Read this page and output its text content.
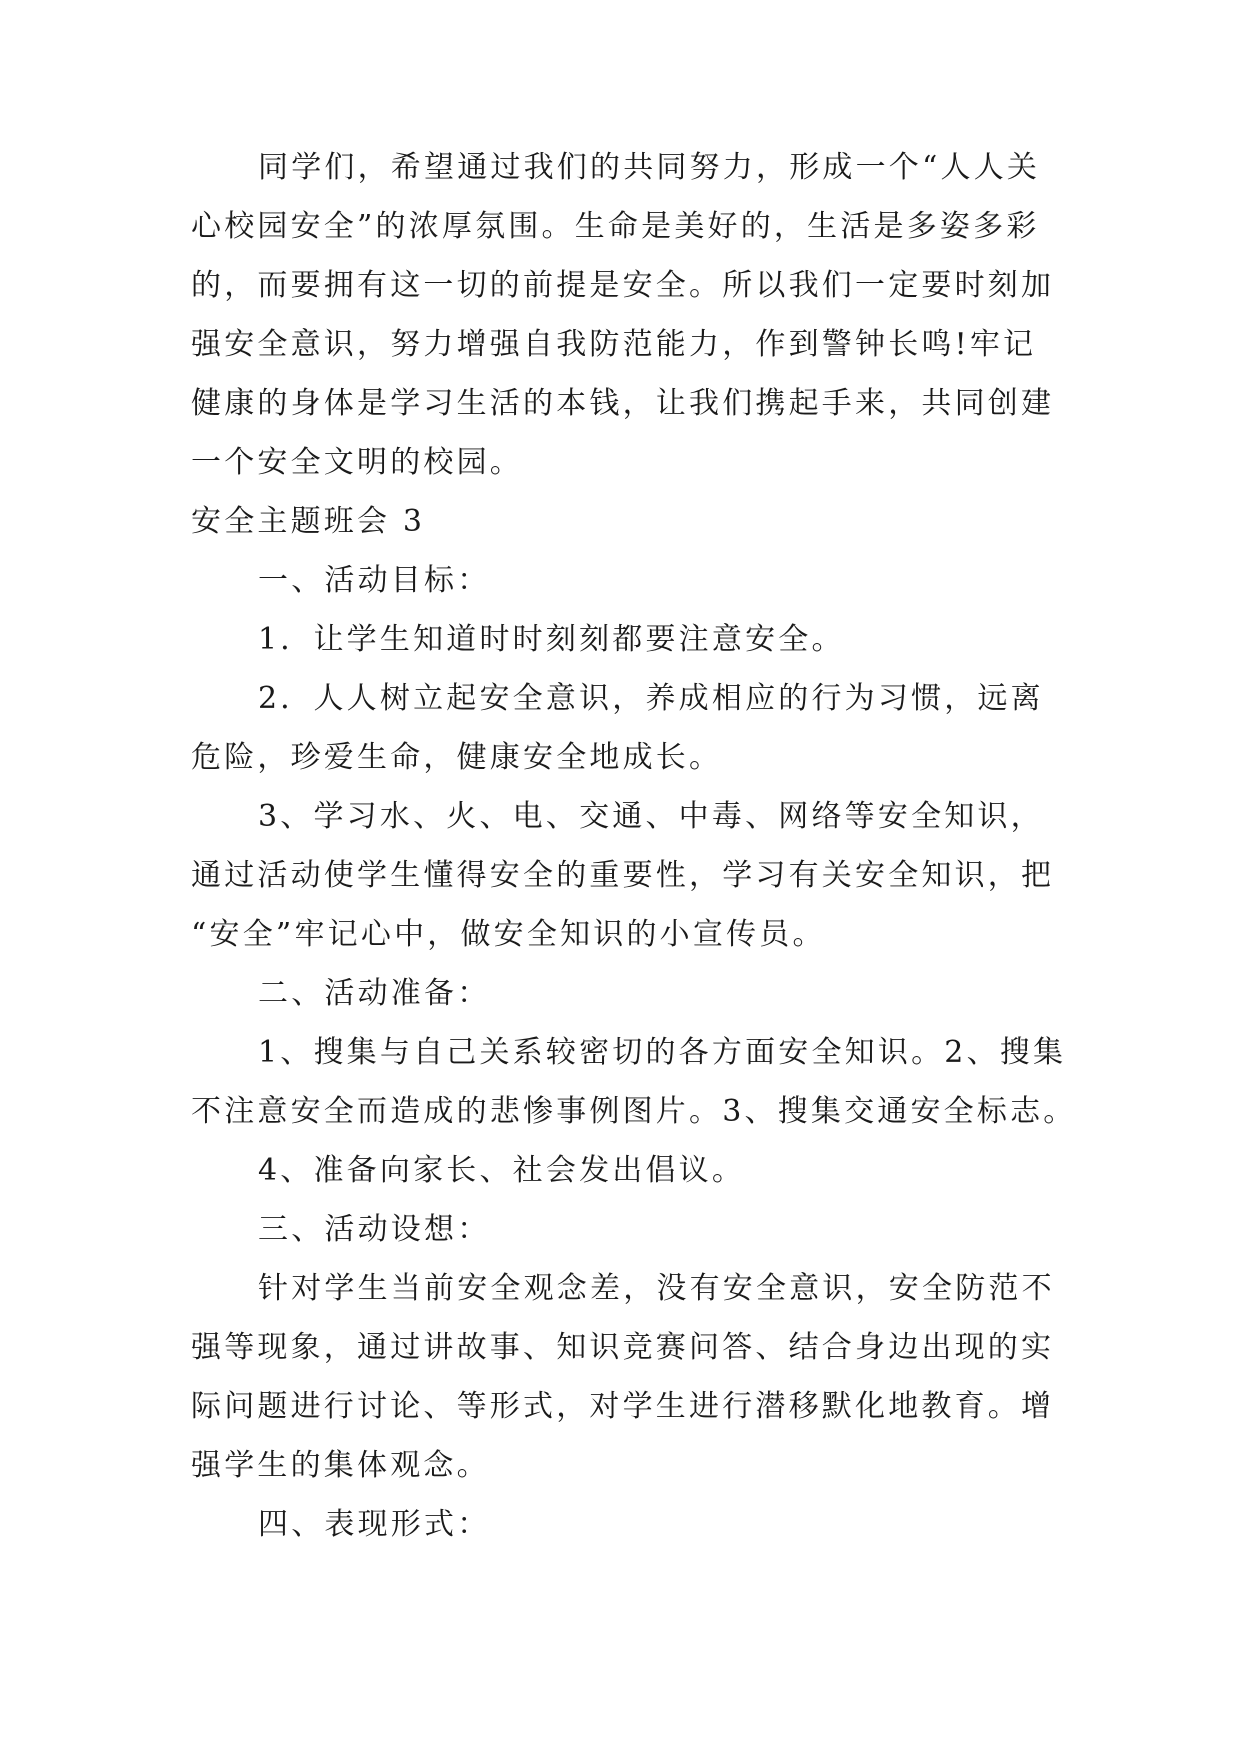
同学们，希望通过我们的共同努力，形成一个“人人关
心校园安全”的浓厚氛围。生命是美好的，生活是多姿多彩
的，而要拥有这一切的前提是安全。所以我们一定要时刻加
强安全意识，努力增强自我防范能力，作到警钟长鸣!牢记
健康的身体是学习生活的本钱，让我们携起手来，共同创建
一个安全文明的校园。
安全主题班会 3
一、活动目标：
1．让学生知道时时刻刻都要注意安全。
2．人人树立起安全意识，养成相应的行为习惯，远离
危险，珍爱生命，健康安全地成长。
3、学习水、火、电、交通、中毒、网络等安全知识，
通过活动使学生懂得安全的重要性，学习有关安全知识，把
“安全”牢记心中，做安全知识的小宣传员。
二、活动准备：
1、搜集与自己关系较密切的各方面安全知识。2、搜集
不注意安全而造成的悲惨事例图片。3、搜集交通安全标志。
4、准备向家长、社会发出倡议。
三、活动设想：
针对学生当前安全观念差，没有安全意识，安全防范不
强等现象，通过讲故事、知识竞赛问答、结合身边出现的实
际问题进行讨论、等形式，对学生进行潜移默化地教育。增
强学生的集体观念。
四、表现形式：
